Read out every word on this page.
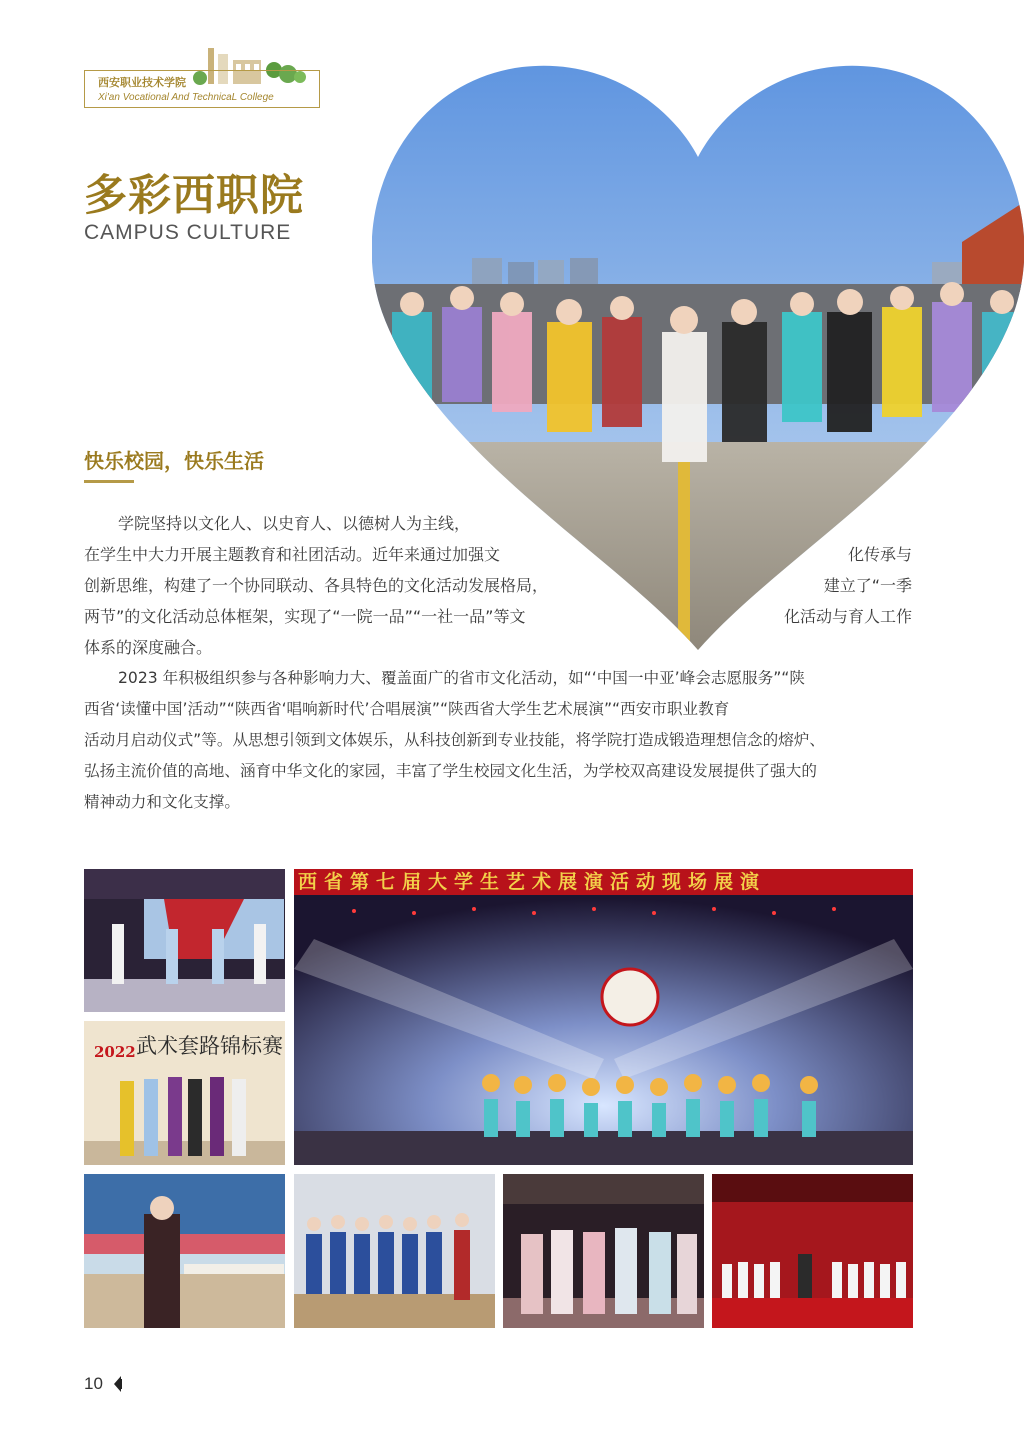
西安职业技术学院
Xi'an Vocational And TechnicaL College
多彩西职院
CAMPUS CULTURE
快乐校园，快乐生活
学院坚持以文化人、以史育人、以德树人为主线，
在学生中大力开展主题教育和社团活动。近年来通过加强文	化传承与
创新思维，构建了一个协同联动、各具特色的文化活动发展格局，	建立了“一季
两节”的文化活动总体框架，实现了“一院一品”“一社一品”等文	化活动与育人工作
体系的深度融合。
2023 年积极组织参与各种影响力大、覆盖面广的省市文化活动，如“‘中国一中亚’峰会志愿服务”“陕
西省‘读懂中国’活动”“陕西省‘唱响新时代’合唱展演”“陕西省大学生艺术展演”“西安市职业教育
活动月启动仪式”等。从思想引领到文体娱乐，从科技创新到专业技能，将学院打造成锻造理想信念的熔炉、
弘扬主流价值的高地、涵育中华文化的家园，丰富了学生校园文化生活，为学校双高建设发展提供了强大的
精神动力和文化支撑。
2022 武术套路锦标赛
西省第七届大学生艺术展演活动现场展演
10
